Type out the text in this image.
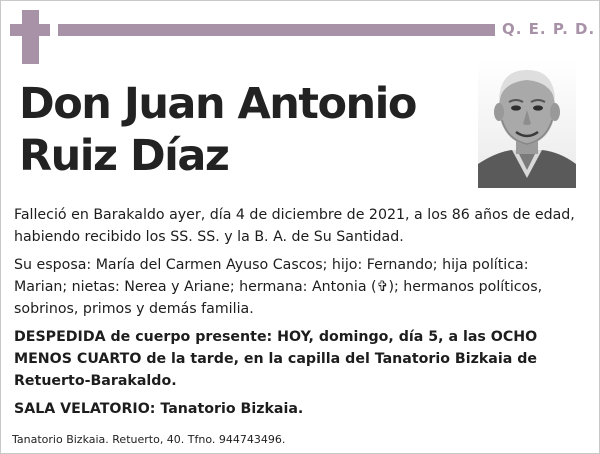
Q. E. P. D.
Don Juan Antonio
Ruiz Díaz

Falleció en Barakaldo ayer, día 4 de diciembre de 2021, a los 86 años de edad, habiendo recibido los SS. SS. y la B. A. de Su Santidad.

Su esposa: María del Carmen Ayuso Cascos; hijo: Fernando; hija política: Marian; nietas: Nerea y Ariane; hermana: Antonia (✞); hermanos políticos, sobrinos, primos y demás familia.

DESPEDIDA de cuerpo presente: HOY, domingo, día 5, a las OCHO MENOS CUARTO de la tarde, en la capilla del Tanatorio Bizkaia de Retuerto-Barakaldo.

SALA VELATORIO: Tanatorio Bizkaia.

Tanatorio Bizkaia. Retuerto, 40. Tfno. 944743496.
